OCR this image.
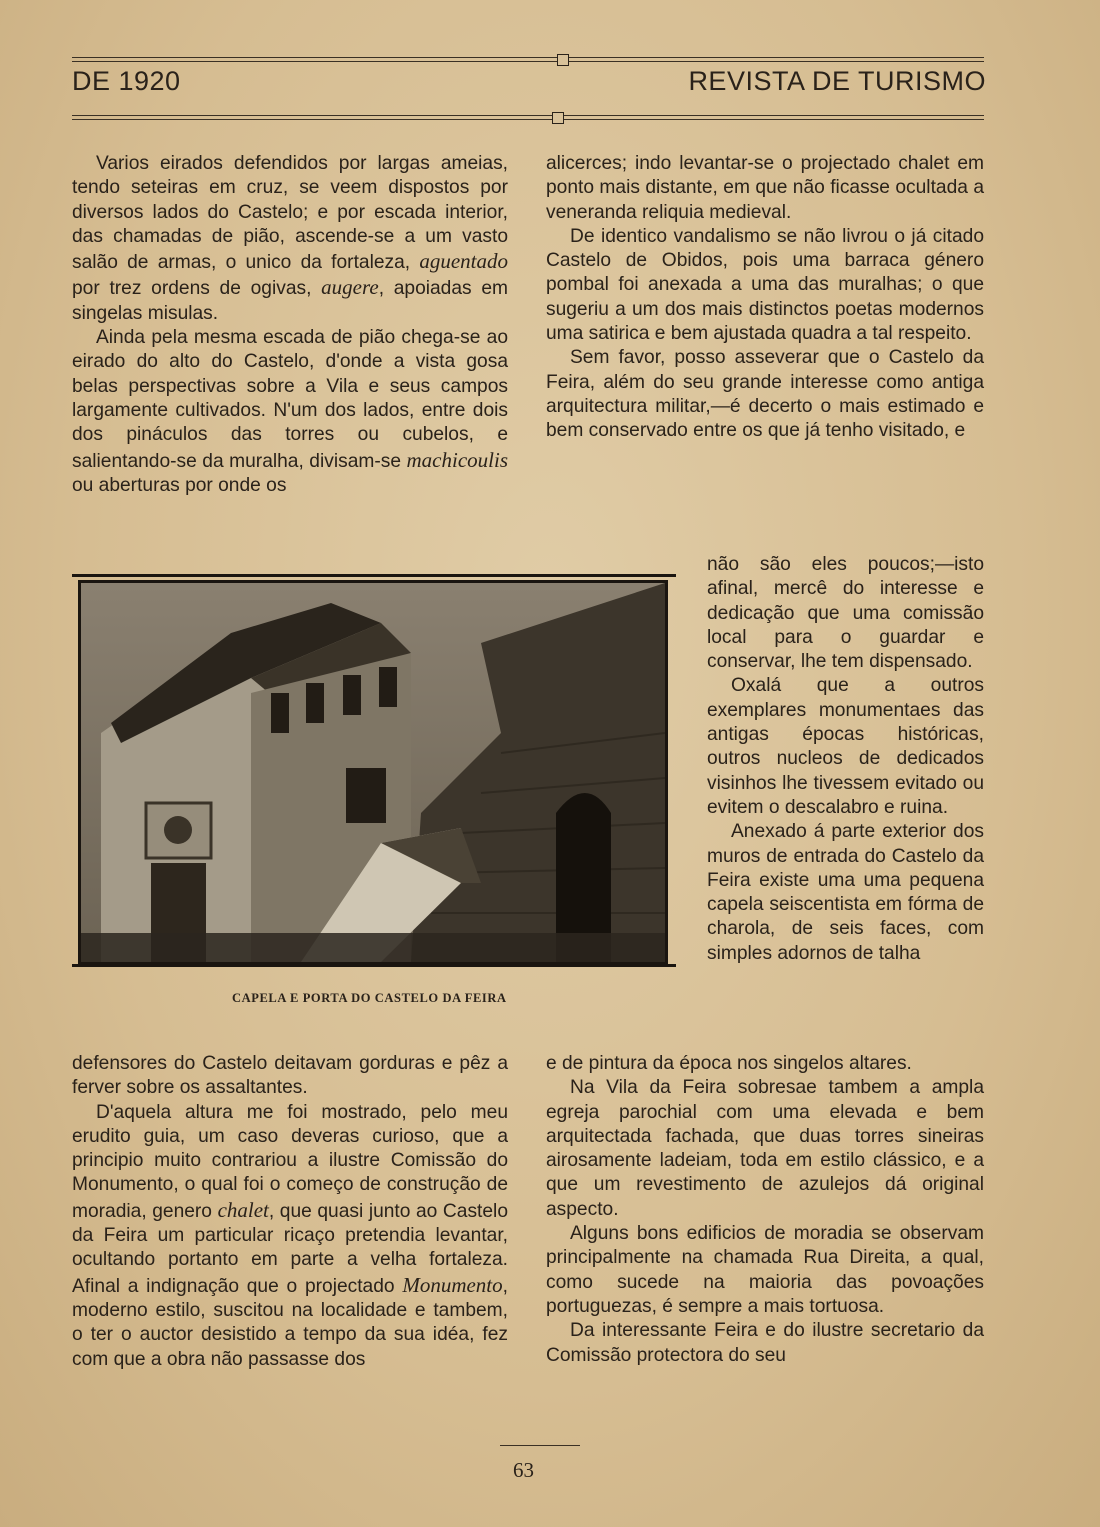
DE 1920	REVISTA DE TURISMO

Varios eirados defendidos por largas ameias, tendo seteiras em cruz, se veem dispostos por diversos lados do Castelo; e por escada interior, das chamadas de pião, ascende-se a um vasto salão de armas, o unico da fortaleza, aguentado por trez ordens de ogivas, augere, apoiadas em singelas misulas.

Ainda pela mesma escada de pião chega-se ao eirado do alto do Castelo, d'onde a vista gosa belas perspectivas sobre a Vila e seus campos largamente cultivados. N'um dos lados, entre dois dos pináculos das torres ou cubelos, e salientando-se da muralha, divisam-se machicoulis ou aberturas por onde os

CAPELA E PORTA DO CASTELO DA FEIRA

defensores do Castelo deitavam gorduras e pêz a ferver sobre os assaltantes.

D'aquela altura me foi mostrado, pelo meu erudito guia, um caso deveras curioso, que a principio muito contrariou a ilustre Comissão do Monumento, o qual foi o começo de construção de moradia, genero chalet, que quasi junto ao Castelo da Feira um particular ricaço pretendia levantar, ocultando portanto em parte a velha fortaleza. Afinal a indignação que o projectado Monumento, moderno estilo, suscitou na localidade e tambem, o ter o auctor desistido a tempo da sua idéa, fez com que a obra não passasse dos

alicerces; indo levantar-se o projectado chalet em ponto mais distante, em que não ficasse ocultada a veneranda reliquia medieval.

De identico vandalismo se não livrou o já citado Castelo de Obidos, pois uma barraca género pombal foi anexada a uma das muralhas; o que sugeriu a um dos mais distinctos poetas modernos uma satirica e bem ajustada quadra a tal respeito.

Sem favor, posso asseverar que o Castelo da Feira, além do seu grande interesse como antiga arquitectura militar,—é decerto o mais estimado e bem conservado entre os que já tenho visitado, e

não são eles poucos;—isto afinal, mercê do interesse e dedicação que uma comissão local para o guardar e conservar, lhe tem dispensado.

Oxalá que a outros exemplares monumentaes das antigas épocas históricas, outros nucleos de dedicados visinhos lhe tivessem evitado ou evitem o descalabro e ruina.

Anexado á parte exterior dos muros de entrada do Castelo da Feira existe uma uma pequena capela seiscentista em fórma de charola, de seis faces, com simples adornos de talha

e de pintura da época nos singelos altares.

Na Vila da Feira sobresae tambem a ampla egreja parochial com uma elevada e bem arquitectada fachada, que duas torres sineiras airosamente ladeiam, toda em estilo clássico, e a que um revestimento de azulejos dá original aspecto.

Alguns bons edificios de moradia se observam principalmente na chamada Rua Direita, a qual, como sucede na maioria das povoações portuguezas, é sempre a mais tortuosa.

Da interessante Feira e do ilustre secretario da Comissão protectora do seu

63
